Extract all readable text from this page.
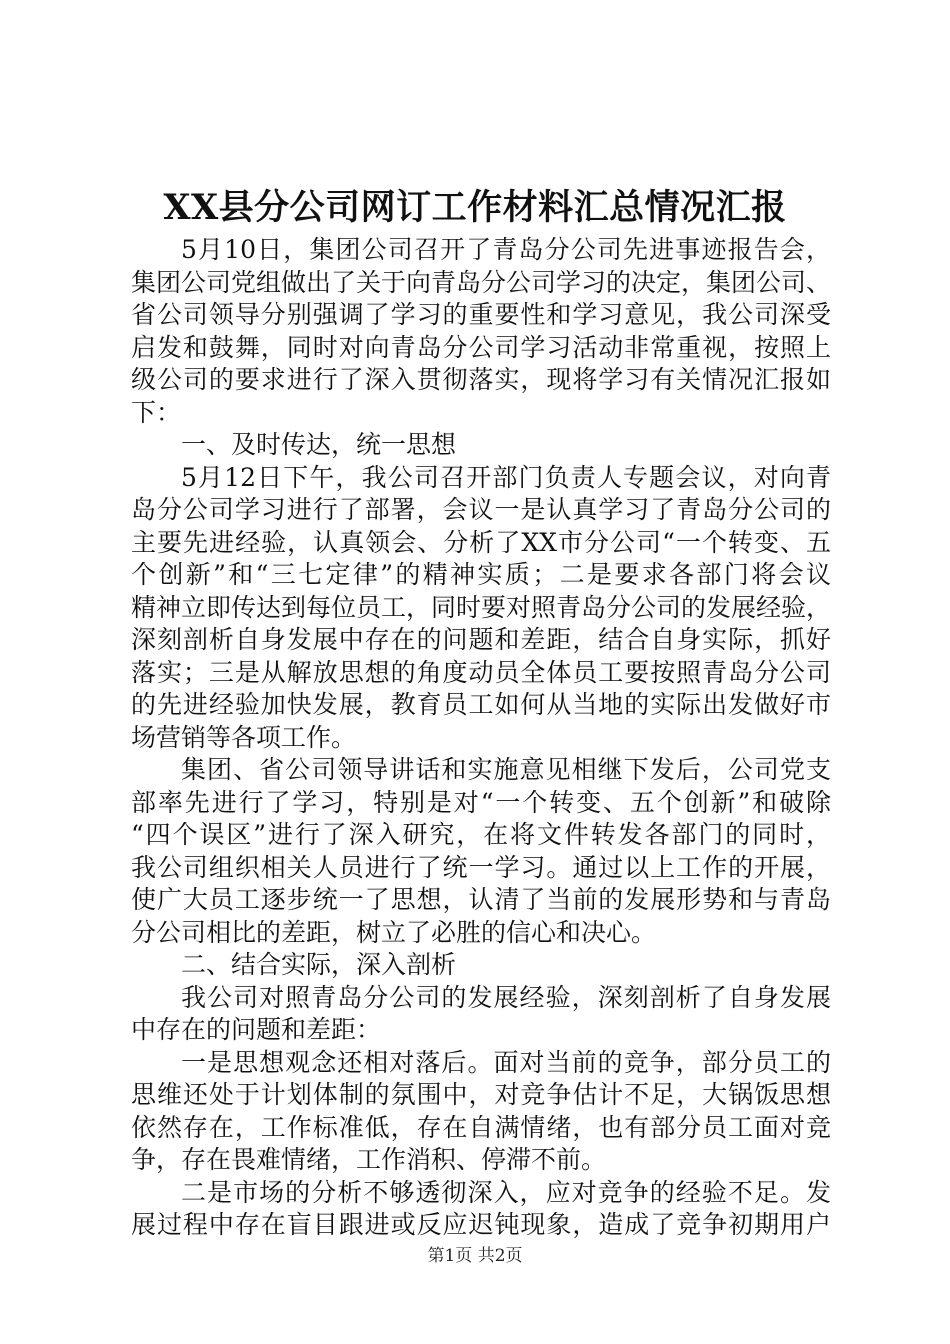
XX县分公司网订工作材料汇总情况汇报
5月10日，集团公司召开了青岛分公司先进事迹报告会，
集团公司党组做出了关于向青岛分公司学习的决定，集团公司、
省公司领导分别强调了学习的重要性和学习意见，我公司深受
启发和鼓舞，同时对向青岛分公司学习活动非常重视，按照上
级公司的要求进行了深入贯彻落实，现将学习有关情况汇报如
下：
一、及时传达，统一思想
5月12日下午，我公司召开部门负责人专题会议，对向青
岛分公司学习进行了部署，会议一是认真学习了青岛分公司的
主要先进经验，认真领会、分析了XX市分公司“一个转变、五
个创新”和“三七定律”的精神实质；二是要求各部门将会议
精神立即传达到每位员工，同时要对照青岛分公司的发展经验，
深刻剖析自身发展中存在的问题和差距，结合自身实际，抓好
落实；三是从解放思想的角度动员全体员工要按照青岛分公司
的先进经验加快发展，教育员工如何从当地的实际出发做好市
场营销等各项工作。
集团、省公司领导讲话和实施意见相继下发后，公司党支
部率先进行了学习，特别是对“一个转变、五个创新”和破除
“四个误区”进行了深入研究，在将文件转发各部门的同时，
我公司组织相关人员进行了统一学习。通过以上工作的开展，
使广大员工逐步统一了思想，认清了当前的发展形势和与青岛
分公司相比的差距，树立了必胜的信心和决心。
二、结合实际，深入剖析
我公司对照青岛分公司的发展经验，深刻剖析了自身发展
中存在的问题和差距：
一是思想观念还相对落后。面对当前的竞争，部分员工的
思维还处于计划体制的氛围中，对竞争估计不足，大锅饭思想
依然存在，工作标准低，存在自满情绪，也有部分员工面对竞
争，存在畏难情绪，工作消积、停滞不前。
二是市场的分析不够透彻深入，应对竞争的经验不足。发
展过程中存在盲目跟进或反应迟钝现象，造成了竞争初期用户
第1页 共2页
